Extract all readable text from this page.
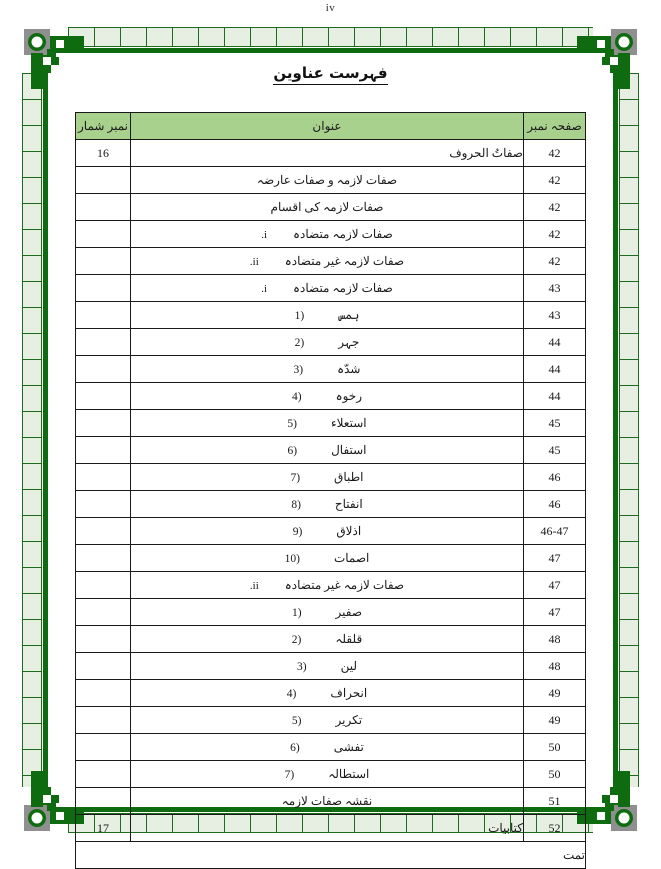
iv
فہرست عناوین
صفحہ نمبر	عنوان	نمبر شمار
42	صفاتُ الحروف	16
42	صفات لازمہ و صفات عارضہ	
42	صفات لازمہ کی اقسام	
42	صفات لازمہ متضادہi.	
42	صفات لازمہ غیر متضادہii.	
43	صفات لازمہ متضادہi.	
43	ہمس(1	
44	جہر(2	
44	شدّہ(3	
44	رخوہ(4	
45	استعلاء(5	
45	استفال(6	
46	اطباق(7	
46	انفتاح(8	
46-47	اذلاق(9	
47	اصمات(10	
47	صفات لازمہ غیر متضادہii.	
47	صفیر(1	
48	قلقلہ(2	
48	لین(3	
49	انحراف(4	
49	تکریر(5	
50	تفشی(6	
50	استطالہ(7	
51	نقشہ صفات لازمہ	
52	کتابیات	17
تمت		
